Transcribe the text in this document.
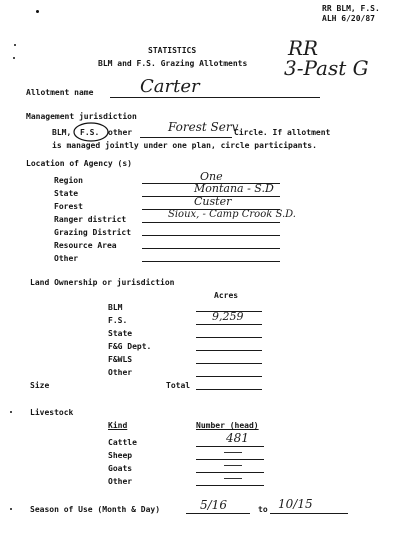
RR BLM, F.S.
ALH 6/20/87
RR
3-Past G
STATISTICS
BLM and F.S. Grazing Allotments
Allotment name	Carter
Management jurisdiction
BLM, F.S. other	Forest Serv
Circle. If allotment
is managed jointly under one plan, circle participants.
Location of Agency (s)
Region	One
State	Montana - S.D
Forest	Custer
Ranger district	Sioux, - Camp Crook S.D.
Grazing District
Resource Area
Other
Land Ownership or jurisdiction
Acres
BLM
F.S.	9,259
State
F&G Dept.
F&WLS
Other
Size	Total
Livestock
Kind	Number (head)
Cattle	481
Sheep
Goats
Other
Season of Use (Month & Day)	5/16	to 10/15
